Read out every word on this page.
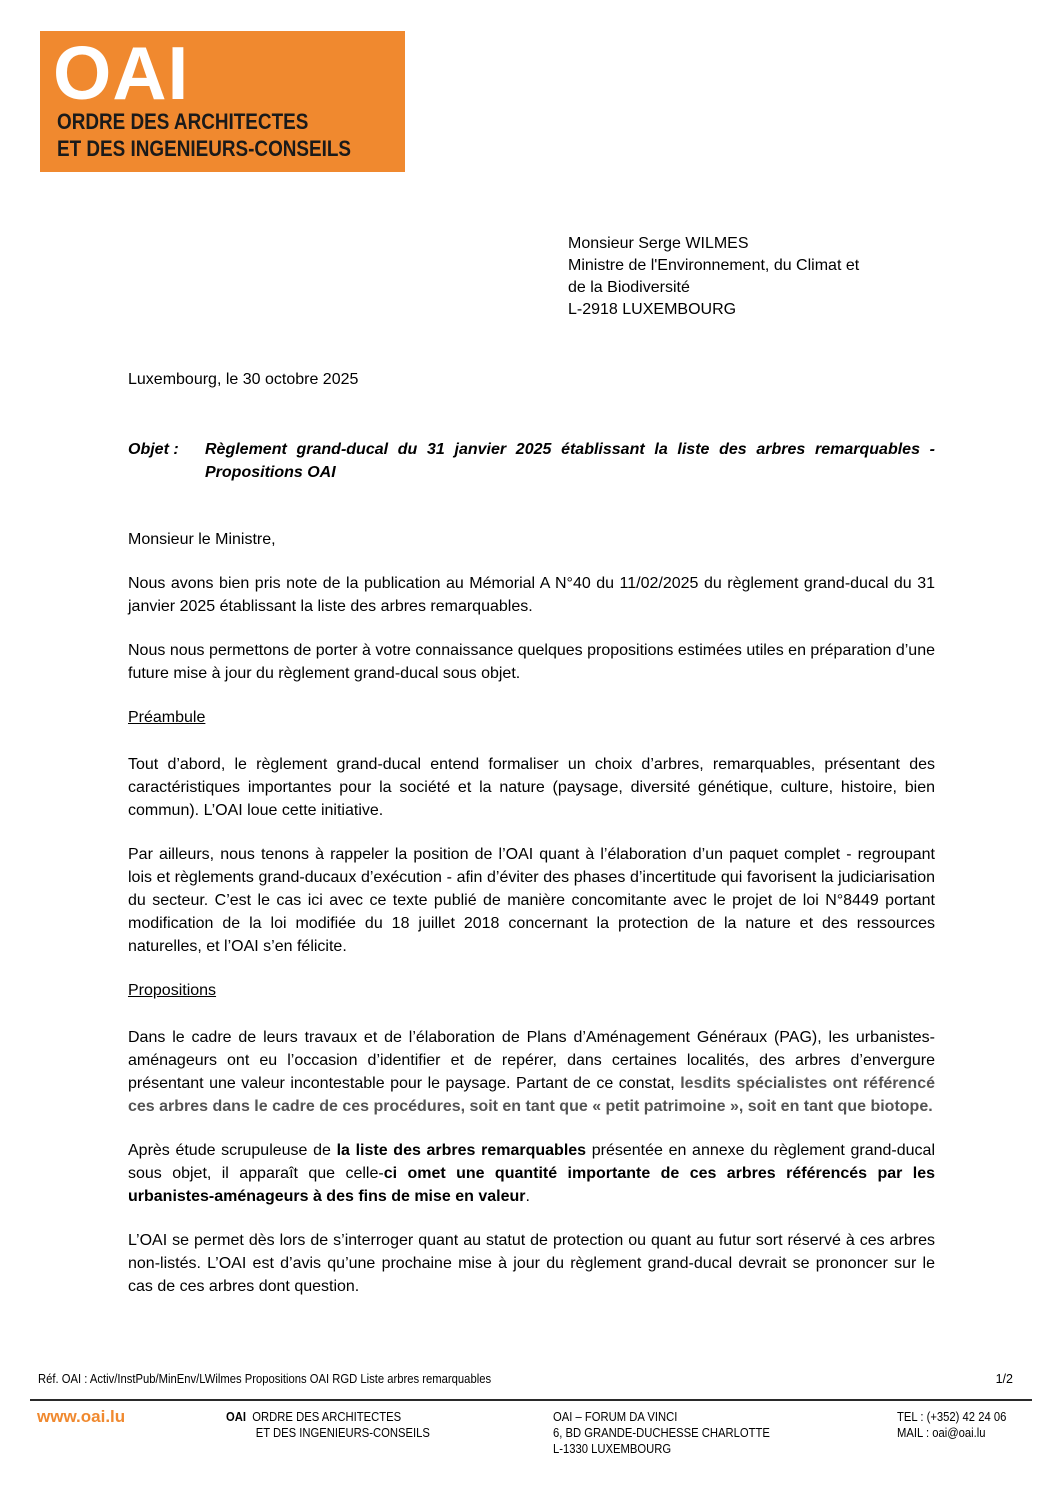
OAI
ORDRE DES ARCHITECTES
ET DES INGENIEURS-CONSEILS
Monsieur Serge WILMES
Ministre de l'Environnement, du Climat et
de la Biodiversité
L-2918 LUXEMBOURG
Luxembourg, le 30 octobre 2025
Objet :	Règlement grand-ducal du 31 janvier 2025 établissant la liste des arbres remarquables - Propositions OAI
Monsieur le Ministre,
Nous avons bien pris note de la publication au Mémorial A N°40 du 11/02/2025 du règlement grand-ducal du 31 janvier 2025 établissant la liste des arbres remarquables.
Nous nous permettons de porter à votre connaissance quelques propositions estimées utiles en préparation d’une future mise à jour du règlement grand-ducal sous objet.
Préambule
Tout d’abord, le règlement grand-ducal entend formaliser un choix d’arbres, remarquables, présentant des caractéristiques importantes pour la société et la nature (paysage, diversité génétique, culture, histoire, bien commun). L’OAI loue cette initiative.
Par ailleurs, nous tenons à rappeler la position de l’OAI quant à l’élaboration d’un paquet complet - regroupant lois et règlements grand-ducaux d’exécution - afin d’éviter des phases d’incertitude qui favorisent la judiciarisation du secteur. C’est le cas ici avec ce texte publié de manière concomitante avec le projet de loi N°8449 portant modification de la loi modifiée du 18 juillet 2018 concernant la protection de la nature et des ressources naturelles, et l’OAI s’en félicite.
Propositions
Dans le cadre de leurs travaux et de l’élaboration de Plans d’Aménagement Généraux (PAG), les urbanistes-aménageurs ont eu l’occasion d’identifier et de repérer, dans certaines localités, des arbres d’envergure présentant une valeur incontestable pour le paysage. Partant de ce constat, lesdits spécialistes ont référencé ces arbres dans le cadre de ces procédures, soit en tant que « petit patrimoine », soit en tant que biotope.
Après étude scrupuleuse de la liste des arbres remarquables présentée en annexe du règlement grand-ducal sous objet, il apparaît que celle-ci omet une quantité importante de ces arbres référencés par les urbanistes-aménageurs à des fins de mise en valeur.
L’OAI se permet dès lors de s’interroger quant au statut de protection ou quant au futur sort réservé à ces arbres non-listés. L’OAI est d’avis qu’une prochaine mise à jour du règlement grand-ducal devrait se prononcer sur le cas de ces arbres dont question.
Réf. OAI : Activ/InstPub/MinEnv/LWilmes Propositions OAI RGD Liste arbres remarquables	1/2
www.oai.lu	OAI ORDRE DES ARCHITECTES
ET DES INGENIEURS-CONSEILS
OAI – FORUM DA VINCI
6, BD GRANDE-DUCHESSE CHARLOTTE
L-1330 LUXEMBOURG
TEL : (+352) 42 24 06
MAIL : oai@oai.lu
